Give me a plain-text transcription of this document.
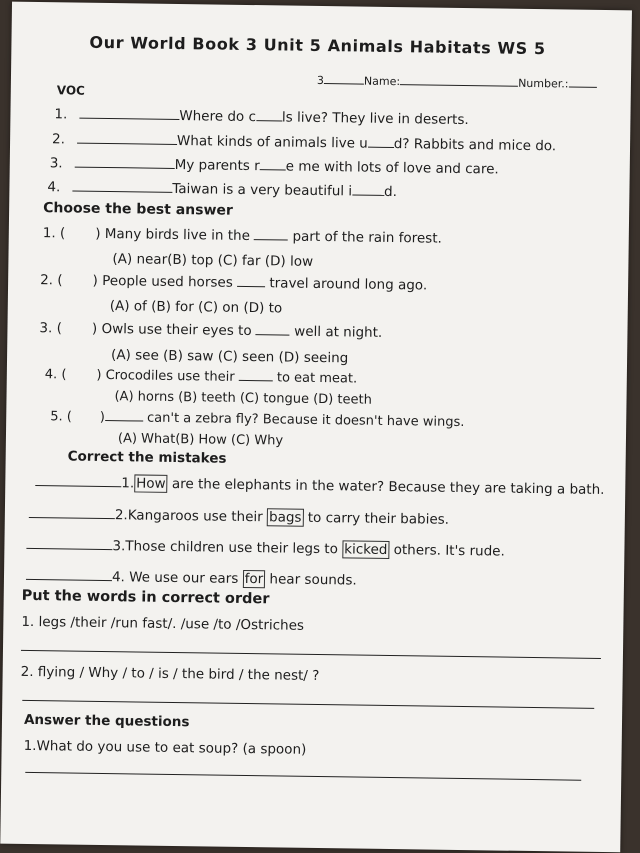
Our World Book 3 Unit 5 Animals Habitats WS 5
3	Name:	Number.:
VOC
1.	Where do c ls live? They live in deserts.
2.	What kinds of animals live u d? Rabbits and mice do.
3.	My parents r e me with lots of love and care.
4.	Taiwan is a very beautiful i d.
Choose the best answer
1. ( ) Many birds live in the	part of the rain forest.
(A) near(B) top (C) far (D) low
2. ( ) People used horses	travel around long ago.
(A) of (B) for (C) on (D) to
3. ( ) Owls use their eyes to	well at night.
(A) see (B) saw (C) seen (D) seeing
4. ( ) Crocodiles use their	to eat meat.
(A) horns (B) teeth (C) tongue (D) teeth
5. ( )	can't a zebra fly? Because it doesn't have wings.
(A) What(B) How (C) Why
Correct the mistakes
1. How are the elephants in the water? Because they are taking a bath.
2.Kangaroos use their bags to carry their babies.
3.Those children use their legs to kicked others. It's rude.
4. We use our ears for hear sounds.
Put the words in correct order
1. legs /their /run fast/. /use /to /Ostriches
2. flying / Why / to / is / the bird / the nest/ ?
Answer the questions
1.What do you use to eat soup? (a spoon)
